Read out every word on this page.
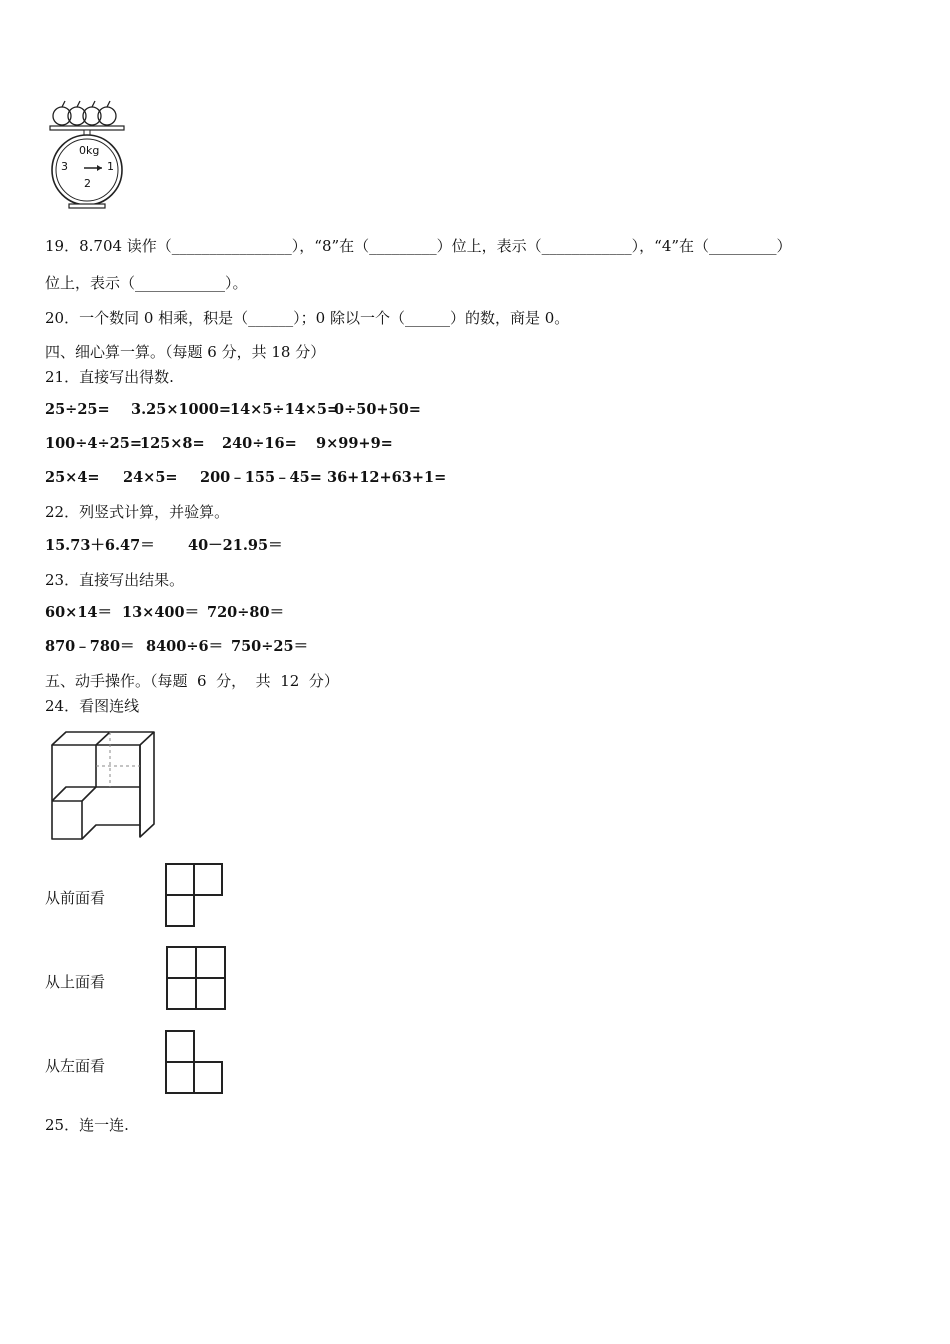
0kg
3	1
2
19．8.704 读作（________________），“8”在（_________）位上，表示（____________），“4”在（_________）
位上，表示（____________）。
20．一个数同 0 相乘，积是（______）；0 除以一个（______）的数，商是 0。
四、细心算一算。（每题 6 分，共 18 分）
21．直接写出得数.
25÷25= 3.25×1000= 14×5÷14×5=
0÷50+50=
100÷4÷25=
125×8= 240÷16= 9×99+9=
25×4= 24×5= 200﹣155﹣45= 36+12+63+1=
22．列竖式计算，并验算。
15.73＋6.47＝ 40－21.95＝
23．直接写出结果。
60×14＝ 13×400＝ 720÷80＝
870﹣780＝ 8400÷6＝ 750÷25＝
五、动手操作。（每题  6  分，  共  12  分）
24．看图连线
从前面看
从上面看
从左面看
25．连一连.
